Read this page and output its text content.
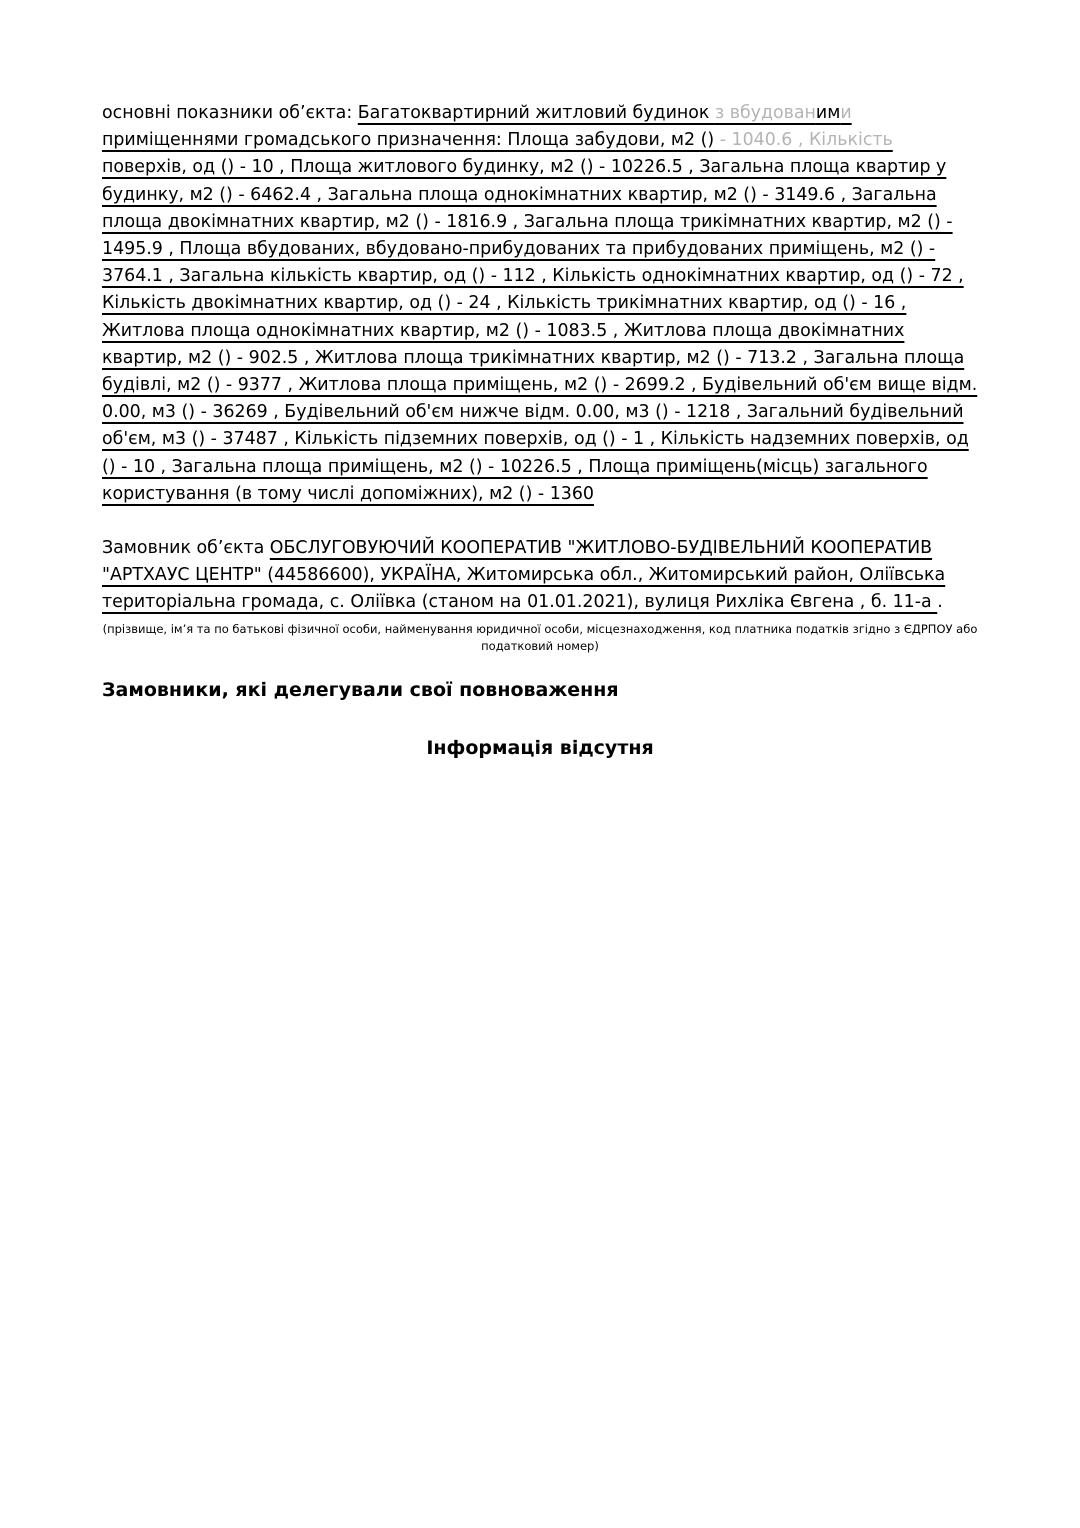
основні показники об’єкта: Багатоквартирний житловий будинок з вбудованими приміщеннями громадського призначення: Площа забудови, м2 () - 1040.6 , Кількість поверхів, од () - 10 , Площа житлового будинку, м2 () - 10226.5 , Загальна площа квартир у будинку, м2 () - 6462.4 , Загальна площа однокімнатних квартир, м2 () - 3149.6 , Загальна площа двокімнатних квартир, м2 () - 1816.9 , Загальна площа трикімнатних квартир, м2 () - 1495.9 , Площа вбудованих, вбудовано-прибудованих та прибудованих приміщень, м2 () - 3764.1 , Загальна кількість квартир, од () - 112 , Кількість однокімнатних квартир, од () - 72 , Кількість двокімнатних квартир, од () - 24 , Кількість трикімнатних квартир, од () - 16 , Житлова площа однокімнатних квартир, м2 () - 1083.5 , Житлова площа двокімнатних квартир, м2 () - 902.5 , Житлова площа трикімнатних квартир, м2 () - 713.2 , Загальна площа будівлі, м2 () - 9377 , Житлова площа приміщень, м2 () - 2699.2 , Будівельний об'єм вище відм. 0.00, м3 () - 36269 , Будівельний об'єм нижче відм. 0.00, м3 () - 1218 , Загальний будівельний об'єм, м3 () - 37487 , Кількість підземних поверхів, од () - 1 , Кількість надземних поверхів, од () - 10 , Загальна площа приміщень, м2 () - 10226.5 , Площа приміщень(місць) загального користування (в тому числі допоміжних), м2 () - 1360

Замовник об’єкта ОБСЛУГОВУЮЧИЙ КООПЕРАТИВ "ЖИТЛОВО-БУДІВЕЛЬНИЙ КООПЕРАТИВ "АРТХАУС ЦЕНТР" (44586600), УКРАЇНА, Житомирська обл., Житомирський район, Оліївська територіальна громада, с. Оліївка (станом на 01.01.2021), вулиця Рихліка Євгена , б. 11-а .

(прізвище, ім’я та по батькові фізичної особи, найменування юридичної особи, місцезнаходження, код платника податків згідно з ЄДРПОУ або податковий номер)

Замовники, які делегували свої повноваження

Інформація відсутня
